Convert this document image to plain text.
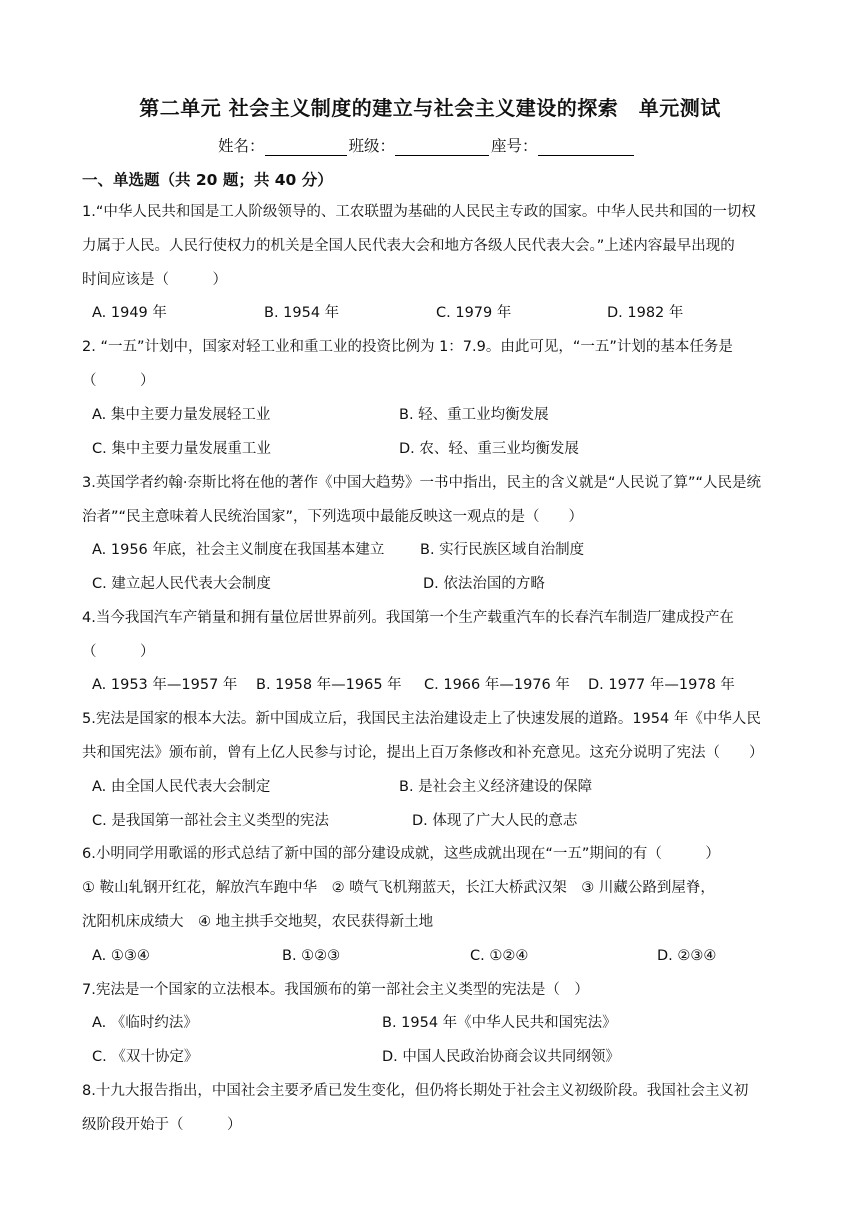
第二单元 社会主义制度的建立与社会主义建设的探索　单元测试
姓名：	班级：	座号：
一、单选题（共 20 题；共 40 分）
1.“中华人民共和国是工人阶级领导的、工农联盟为基础的人民民主专政的国家。中华人民共和国的一切权
力属于人民。人民行使权力的机关是全国人民代表大会和地方各级人民代表大会。”上述内容最早出现的
时间应该是（　　　）
A. 1949 年	B. 1954 年	C. 1979 年	D. 1982 年
2. “一五”计划中，国家对轻工业和重工业的投资比例为 1：7.9。由此可见，“一五”计划的基本任务是
（　　　）
A. 集中主要力量发展轻工业	B. 轻、重工业均衡发展
C. 集中主要力量发展重工业	D. 农、轻、重三业均衡发展
3.英国学者约翰·奈斯比将在他的著作《中国大趋势》一书中指出，民主的含义就是“人民说了算”“人民是统
治者”“民主意味着人民统治国家”，下列选项中最能反映这一观点的是（　　）
A. 1956 年底，社会主义制度在我国基本建立 B. 实行民族区域自治制度
C. 建立起人民代表大会制度	D. 依法治国的方略
4.当今我国汽车产销量和拥有量位居世界前列。我国第一个生产载重汽车的长春汽车制造厂建成投产在
（　　　）
A. 1953 年—1957 年 B. 1958 年—1965 年 C. 1966 年—1976 年 D. 1977 年—1978 年
5.宪法是国家的根本大法。新中国成立后，我国民主法治建设走上了快速发展的道路。1954 年《中华人民
共和国宪法》颁布前，曾有上亿人民参与讨论，提出上百万条修改和补充意见。这充分说明了宪法（　　）
A. 由全国人民代表大会制定	B. 是社会主义经济建设的保障
C. 是我国第一部社会主义类型的宪法	D. 体现了广大人民的意志
6.小明同学用歌谣的形式总结了新中国的部分建设成就，这些成就出现在“一五”期间的有（　　　）
① 鞍山轧钢开红花，解放汽车跑中华　② 喷气飞机翔蓝天，长江大桥武汉架　③ 川藏公路到屋脊，
沈阳机床成绩大　④ 地主拱手交地契，农民获得新土地
A. ①③④	B. ①②③	C. ①②④	D. ②③④
7.宪法是一个国家的立法根本。我国颁布的第一部社会主义类型的宪法是（　）
A. 《临时约法》	B. 1954 年《中华人民共和国宪法》
C. 《双十协定》	D. 中国人民政治协商会议共同纲领》
8.十九大报告指出，中国社会主要矛盾已发生变化，但仍将长期处于社会主义初级阶段。我国社会主义初
级阶段开始于（　　　）
